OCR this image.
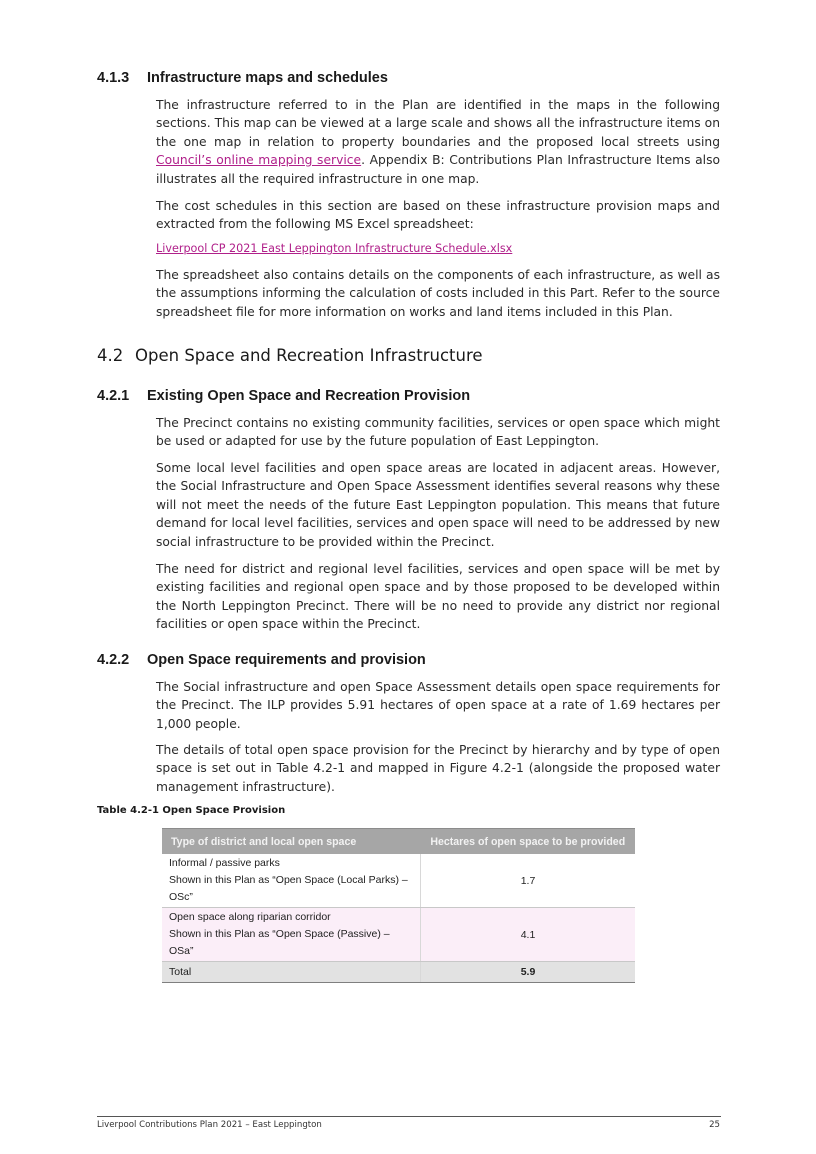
4.1.3 Infrastructure maps and schedules

The infrastructure referred to in the Plan are identified in the maps in the following sections. This map can be viewed at a large scale and shows all the infrastructure items on the one map in relation to property boundaries and the proposed local streets using Council’s online mapping service. Appendix B: Contributions Plan Infrastructure Items also illustrates all the required infrastructure in one map.

The cost schedules in this section are based on these infrastructure provision maps and extracted from the following MS Excel spreadsheet:

Liverpool CP 2021 East Leppington Infrastructure Schedule.xlsx

The spreadsheet also contains details on the components of each infrastructure, as well as the assumptions informing the calculation of costs included in this Part. Refer to the source spreadsheet file for more information on works and land items included in this Plan.

4.2 Open Space and Recreation Infrastructure
4.2.1 Existing Open Space and Recreation Provision

The Precinct contains no existing community facilities, services or open space which might be used or adapted for use by the future population of East Leppington.

Some local level facilities and open space areas are located in adjacent areas. However, the Social Infrastructure and Open Space Assessment identifies several reasons why these will not meet the needs of the future East Leppington population. This means that future demand for local level facilities, services and open space will need to be addressed by new social infrastructure to be provided within the Precinct.

The need for district and regional level facilities, services and open space will be met by existing facilities and regional open space and by those proposed to be developed within the North Leppington Precinct. There will be no need to provide any district nor regional facilities or open space within the Precinct.

4.2.2 Open Space requirements and provision

The Social infrastructure and open Space Assessment details open space requirements for the Precinct. The ILP provides 5.91 hectares of open space at a rate of 1.69 hectares per 1,000 people.

The details of total open space provision for the Precinct by hierarchy and by type of open space is set out in Table 4.2-1 and mapped in Figure 4.2-1 (alongside the proposed water management infrastructure).

Table 4.2-1 Open Space Provision

Type of district and local open space	Hectares of open space to be provided

Informal / passive parks
Shown in this Plan as “Open Space (Local Parks) – OSc”	1.7

Open space along riparian corridor
Shown in this Plan as “Open Space (Passive) – OSa”	4.1
Total	5.9

Liverpool Contributions Plan 2021 – East Leppington	25
